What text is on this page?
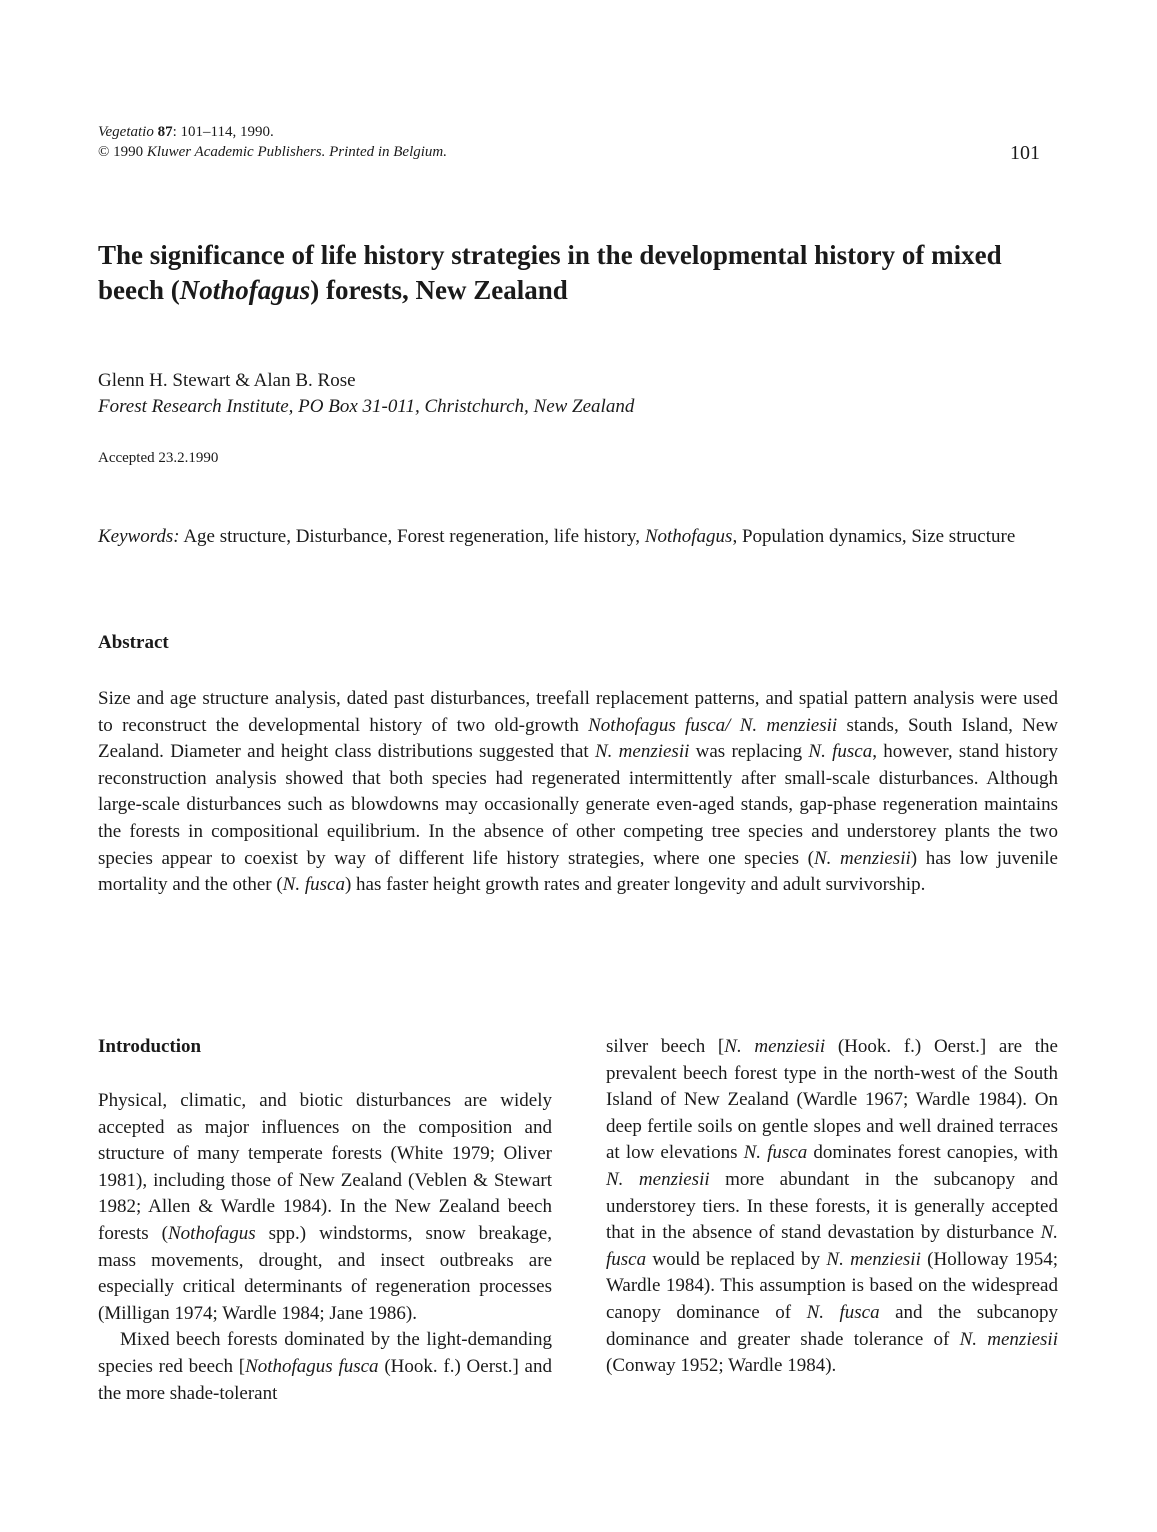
Vegetatio 87: 101–114, 1990.
© 1990 Kluwer Academic Publishers. Printed in Belgium.	101
The significance of life history strategies in the developmental history of mixed beech (Nothofagus) forests, New Zealand
Glenn H. Stewart & Alan B. Rose
Forest Research Institute, PO Box 31-011, Christchurch, New Zealand
Accepted 23.2.1990
Keywords: Age structure, Disturbance, Forest regeneration, life history, Nothofagus, Population dynamics, Size structure
Abstract

Size and age structure analysis, dated past disturbances, treefall replacement patterns, and spatial pattern analysis were used to reconstruct the developmental history of two old-growth Nothofagus fusca/ N. menziesii stands, South Island, New Zealand. Diameter and height class distributions suggested that N. menziesii was replacing N. fusca, however, stand history reconstruction analysis showed that both species had regenerated intermittently after small-scale disturbances. Although large-scale disturbances such as blowdowns may occasionally generate even-aged stands, gap-phase regeneration maintains the forests in compositional equilibrium. In the absence of other competing tree species and understorey plants the two species appear to coexist by way of different life history strategies, where one species (N. menziesii) has low juvenile mortality and the other (N. fusca) has faster height growth rates and greater longevity and adult survivorship.

Introduction

Physical, climatic, and biotic disturbances are widely accepted as major influences on the composition and structure of many temperate forests (White 1979; Oliver 1981), including those of New Zealand (Veblen & Stewart 1982; Allen & Wardle 1984). In the New Zealand beech forests (Nothofagus spp.) windstorms, snow breakage, mass movements, drought, and insect outbreaks are especially critical determinants of regeneration processes (Milligan 1974; Wardle 1984; Jane 1986).

Mixed beech forests dominated by the light-demanding species red beech [Nothofagus fusca (Hook. f.) Oerst.] and the more shade-tolerant

silver beech [N. menziesii (Hook. f.) Oerst.] are the prevalent beech forest type in the north-west of the South Island of New Zealand (Wardle 1967; Wardle 1984). On deep fertile soils on gentle slopes and well drained terraces at low elevations N. fusca dominates forest canopies, with N. menziesii more abundant in the subcanopy and understorey tiers. In these forests, it is generally accepted that in the absence of stand devastation by disturbance N. fusca would be replaced by N. menziesii (Holloway 1954; Wardle 1984). This assumption is based on the widespread canopy dominance of N. fusca and the subcanopy dominance and greater shade tolerance of N. menziesii (Conway 1952; Wardle 1984).
